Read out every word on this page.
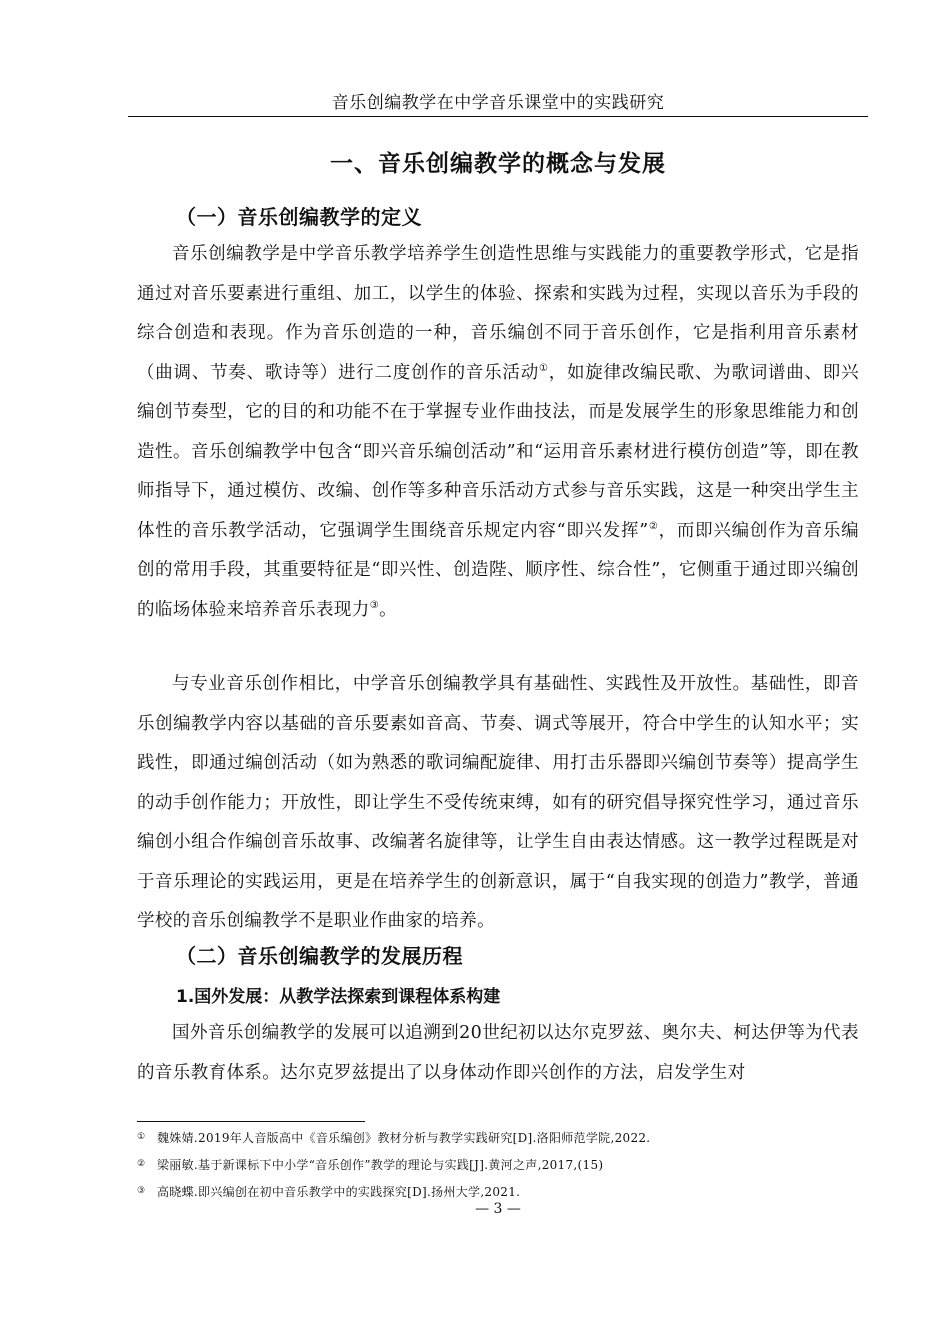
音乐创编教学在中学音乐课堂中的实践研究
一、音乐创编教学的概念与发展
（一）音乐创编教学的定义

音乐创编教学是中学音乐教学培养学生创造性思维与实践能力的重要教学形式，它是指通过对音乐要素进行重组、加工，以学生的体验、探索和实践为过程，实现以音乐为手段的综合创造和表现。作为音乐创造的一种，音乐编创不同于音乐创作，它是指利用音乐素材（曲调、节奏、歌诗等）进行二度创作的音乐活动①，如旋律改编民歌、为歌词谱曲、即兴编创节奏型，它的目的和功能不在于掌握专业作曲技法，而是发展学生的形象思维能力和创造性。音乐创编教学中包含“即兴音乐编创活动”和“运用音乐素材进行模仿创造”等，即在教师指导下，通过模仿、改编、创作等多种音乐活动方式参与音乐实践，这是一种突出学生主体性的音乐教学活动，它强调学生围绕音乐规定内容“即兴发挥”②，而即兴编创作为音乐编创的常用手段，其重要特征是“即兴性、创造陛、顺序性、综合性”，它侧重于通过即兴编创的临场体验来培养音乐表现力③。

与专业音乐创作相比，中学音乐创编教学具有基础性、实践性及开放性。基础性，即音乐创编教学内容以基础的音乐要素如音高、节奏、调式等展开，符合中学生的认知水平；实践性，即通过编创活动（如为熟悉的歌词编配旋律、用打击乐器即兴编创节奏等）提高学生的动手创作能力；开放性，即让学生不受传统束缚，如有的研究倡导探究性学习，通过音乐编创小组合作编创音乐故事、改编著名旋律等，让学生自由表达情感。这一教学过程既是对于音乐理论的实践运用，更是在培养学生的创新意识，属于“自我实现的创造力”教学，普通学校的音乐创编教学不是职业作曲家的培养。

（二）音乐创编教学的发展历程
1.国外发展：从教学法探索到课程体系构建

国外音乐创编教学的发展可以追溯到20世纪初以达尔克罗兹、奥尔夫、柯达伊等为代表的音乐教育体系。达尔克罗兹提出了以身体动作即兴创作的方法，启发学生对

① 魏姝婧.2019年人音版高中《音乐编创》教材分析与教学实践研究[D].洛阳师范学院,2022.
② 梁丽敏.基于新课标下中小学“音乐创作”教学的理论与实践[J].黄河之声,2017,(15)
③ 高晓蝶.即兴编创在初中音乐教学中的实践探究[D].扬州大学,2021.
— 3 —
